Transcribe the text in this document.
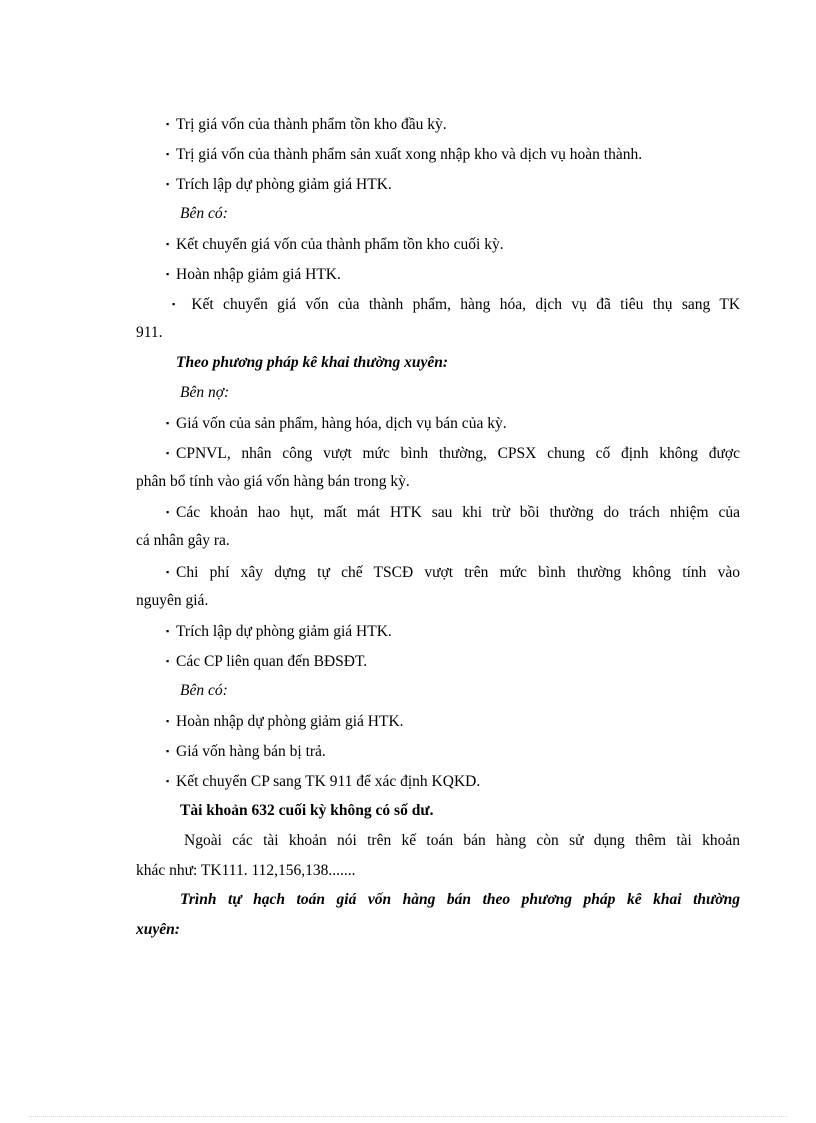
▪ Trị giá vốn của thành phẩm tồn kho đầu kỳ.
▪ Trị giá vốn của thành phẩm sản xuất xong nhập kho và dịch vụ hoàn thành.
▪ Trích lập dự phòng giảm giá HTK.
Bên có:
▪ Kết chuyển giá vốn của thành phẩm tồn kho cuối kỳ.
▪ Hoàn nhập giảm giá HTK.
▪ Kết chuyển giá vốn của thành phẩm, hàng hóa, dịch vụ đã tiêu thụ sang TK
911.
Theo phương pháp kê khai thường xuyên:
Bên nợ:
▪ Giá vốn của sản phẩm, hàng hóa, dịch vụ bán của kỳ.
▪ CPNVL, nhân công vượt mức bình thường, CPSX chung cố định không được
phân bổ tính vào giá vốn hàng bán trong kỳ.
▪ Các khoản hao hụt, mất mát HTK sau khi trừ bồi thường do trách nhiệm của
cá nhân gây ra.
▪ Chi phí xây dựng tự chế TSCĐ vượt trên mức bình thường không tính vào
nguyên giá.
▪ Trích lập dự phòng giảm giá HTK.
▪ Các CP liên quan đến BĐSĐT.
Bên có:
▪ Hoàn nhập dự phòng giảm giá HTK.
▪ Giá vốn hàng bán bị trả.
▪ Kết chuyển CP sang TK 911 để xác định KQKD.
Tài khoản 632 cuối kỳ không có số dư.
Ngoài các tài khoản nói trên kế toán bán hàng còn sử dụng thêm tài khoản
khác như: TK111. 112,156,138.......
Trình tự hạch toán giá vốn hàng bán theo phương pháp kê khai thường
xuyên:
